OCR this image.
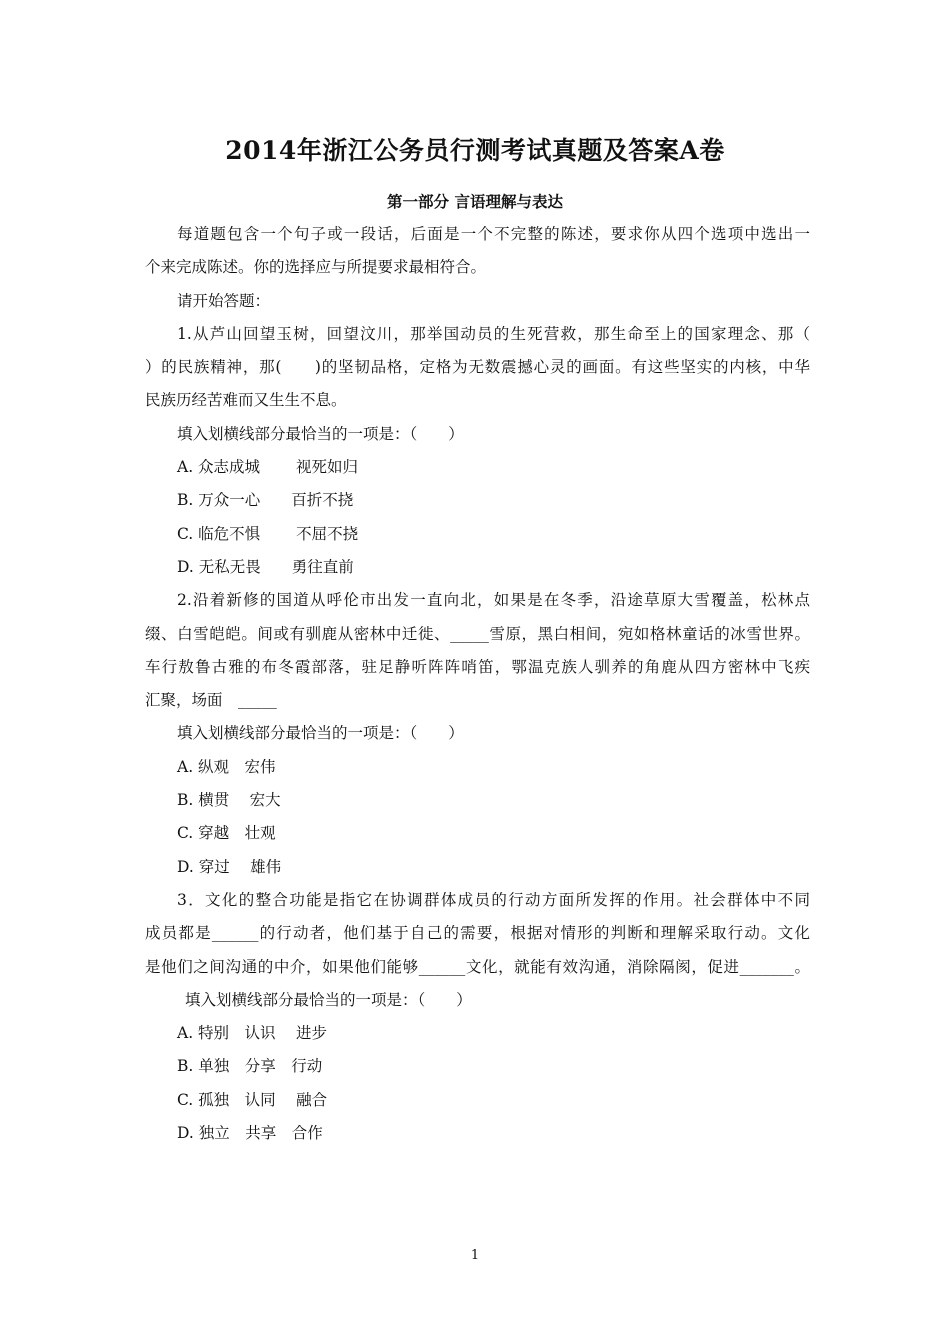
2014年浙江公务员行测考试真题及答案A卷
第一部分 言语理解与表达
每道题包含一个句子或一段话，后面是一个不完整的陈述，要求你从四个选项中选出一
个来完成陈述。你的选择应与所提要求最相符合。
请开始答题：
1.从芦山回望玉树，回望汶川，那举国动员的生死营救，那生命至上的国家理念、那（
）的民族精神，那(　　)的坚韧品格，定格为无数震撼心灵的画面。有这些坚实的内核，中华
民族历经苦难而又生生不息。
填入划横线部分最恰当的一项是：（　　）
A. 众志成城　　 视死如归
B. 万众一心　　百折不挠
C. 临危不惧　　 不屈不挠
D. 无私无畏　　勇往直前
2.沿着新修的国道从呼伦市出发一直向北，如果是在冬季，沿途草原大雪覆盖，松林点
缀、白雪皑皑。间或有驯鹿从密林中迁徙、_____雪原，黑白相间，宛如格林童话的冰雪世界。
车行敖鲁古雅的布冬霞部落，驻足静听阵阵哨笛，鄂温克族人驯养的角鹿从四方密林中飞疾
汇聚，场面　_____
填入划横线部分最恰当的一项是：（　　）
A. 纵观　宏伟
B. 横贯　 宏大
C. 穿越　壮观
D. 穿过　 雄伟
3．文化的整合功能是指它在协调群体成员的行动方面所发挥的作用。社会群体中不同
成员都是______的行动者，他们基于自己的需要，根据对情形的判断和理解采取行动。文化
是他们之间沟通的中介，如果他们能够______文化，就能有效沟通，消除隔阂，促进_______。
填入划横线部分最恰当的一项是：（　　）
A. 特别　认识　 进步
B. 单独　分享　行动
C. 孤独　认同　 融合
D. 独立　共享　合作
1
